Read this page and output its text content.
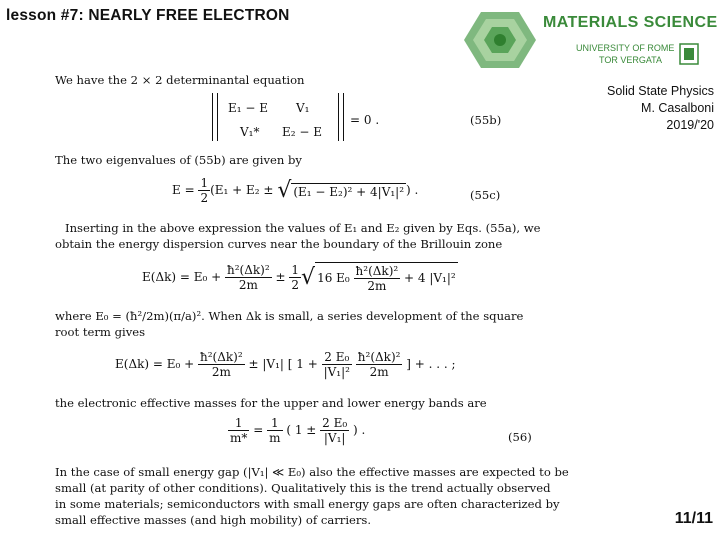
lesson #7: NEARLY FREE ELECTRON	MATERIALS SCIENCE
UNIVERSITY OF ROME
TOR VERGATA
Solid State Physics
M. Casalboni
2019/'20
11/11
We have the 2 × 2 determinantal equation
E₁ − E V₁
V₁* E₂ − E
= 0 .	(55b)
The two eigenvalues of (55b) are given by
$E = \frac{1}{2} (E_1 + E_2$ ± √ (E₁ − E₂)² + 4|V₁|² ) .	(55c)
Inserting in the above expression the values of E₁ and E₂ given by Eqs. (55a), we
obtain the energy dispersion curves near the boundary of the Brillouin zone
$E(\Delta k) = E_0 + \frac{\text{ħ²(Δk)²}}{2m} \pm \frac{1}{2}$ √ 16 $E_0 \frac{\text{ħ²(Δk)²}}{2m} + 4$ |V₁|²
where E₀ = (ħ²/2m)(π/a)². When Δk is small, a series development of the square
root term gives
$E(\Delta k) = E_0 + \frac{\text{ħ²(Δk)²}}{2m} \pm |V_1|$ [ $1 + \frac{\text{2 E₀}}{\text{|V₁|²}}$
$\frac{\text{ħ²(Δk)²}}{2m}$ ] + . . . ;
the electronic effective masses for the upper and lower energy bands are
$\frac{1}{m*} = \frac{1}{m}$ ( $1 \pm \frac{\text{2 E₀}}{\text{|V₁|}}$ ) .	(56)
In the case of small energy gap (|V₁| ≪ E₀) also the effective masses are expected to be
small (at parity of other conditions). Qualitatively this is the trend actually observed
in some materials; semiconductors with small energy gaps are often characterized by
small effective masses (and high mobility) of carriers.
